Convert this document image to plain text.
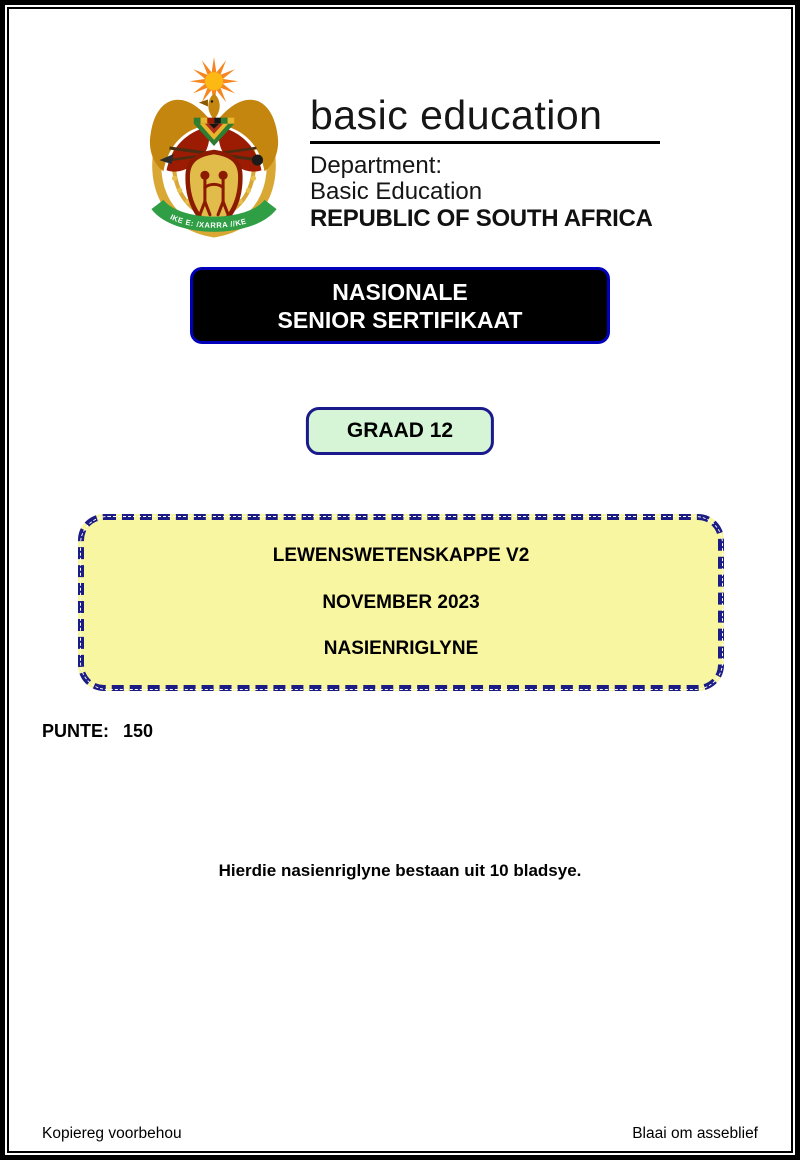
IKE E: /XARRA //KE
basic education
Department:
Basic Education
REPUBLIC OF SOUTH AFRICA
NASIONALE
SENIOR SERTIFIKAAT
GRAAD 12
LEWENSWETENSKAPPE V2
NOVEMBER 2023
NASIENRIGLYNE
PUNTE: 150
Hierdie nasienriglyne bestaan uit 10 bladsye.
Kopiereg voorbehou	Blaai om asseblief
